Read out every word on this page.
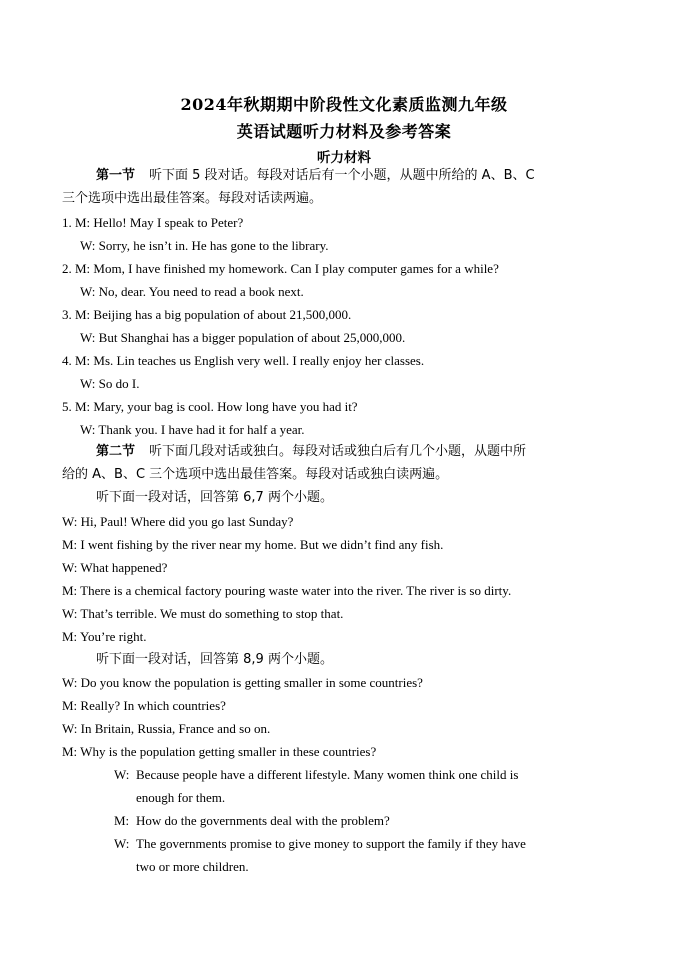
2024年秋期期中阶段性文化素质监测九年级
英语试题听力材料及参考答案
听力材料
第一节 听下面 5 段对话。每段对话后有一个小题，从题中所给的 A、B、C
三个选项中选出最佳答案。每段对话读两遍。
1. M: Hello! May I speak to Peter?
W: Sorry, he isn’t in. He has gone to the library.
2. M: Mom, I have finished my homework. Can I play computer games for a while?
W: No, dear. You need to read a book next.
3. M: Beijing has a big population of about 21,500,000.
W: But Shanghai has a bigger population of about 25,000,000.
4. M: Ms. Lin teaches us English very well. I really enjoy her classes.
W: So do I.
5. M: Mary, your bag is cool. How long have you had it?
W: Thank you. I have had it for half a year.
第二节 听下面几段对话或独白。每段对话或独白后有几个小题，从题中所
给的 A、B、C 三个选项中选出最佳答案。每段对话或独白读两遍。
听下面一段对话，回答第 6,7 两个小题。
W: Hi, Paul! Where did you go last Sunday?
M: I went fishing by the river near my home. But we didn’t find any fish.
W: What happened?
M: There is a chemical factory pouring waste water into the river. The river is so dirty.
W: That’s terrible. We must do something to stop that.
M: You’re right.
听下面一段对话，回答第 8,9 两个小题。
W: Do you know the population is getting smaller in some countries?
M: Really? In which countries?
W: In Britain, Russia, France and so on.
M: Why is the population getting smaller in these countries?
W: Because people have a different lifestyle. Many women think one child is
enough for them.
M: How do the governments deal with the problem?
W: The governments promise to give money to support the family if they have
two or more children.
